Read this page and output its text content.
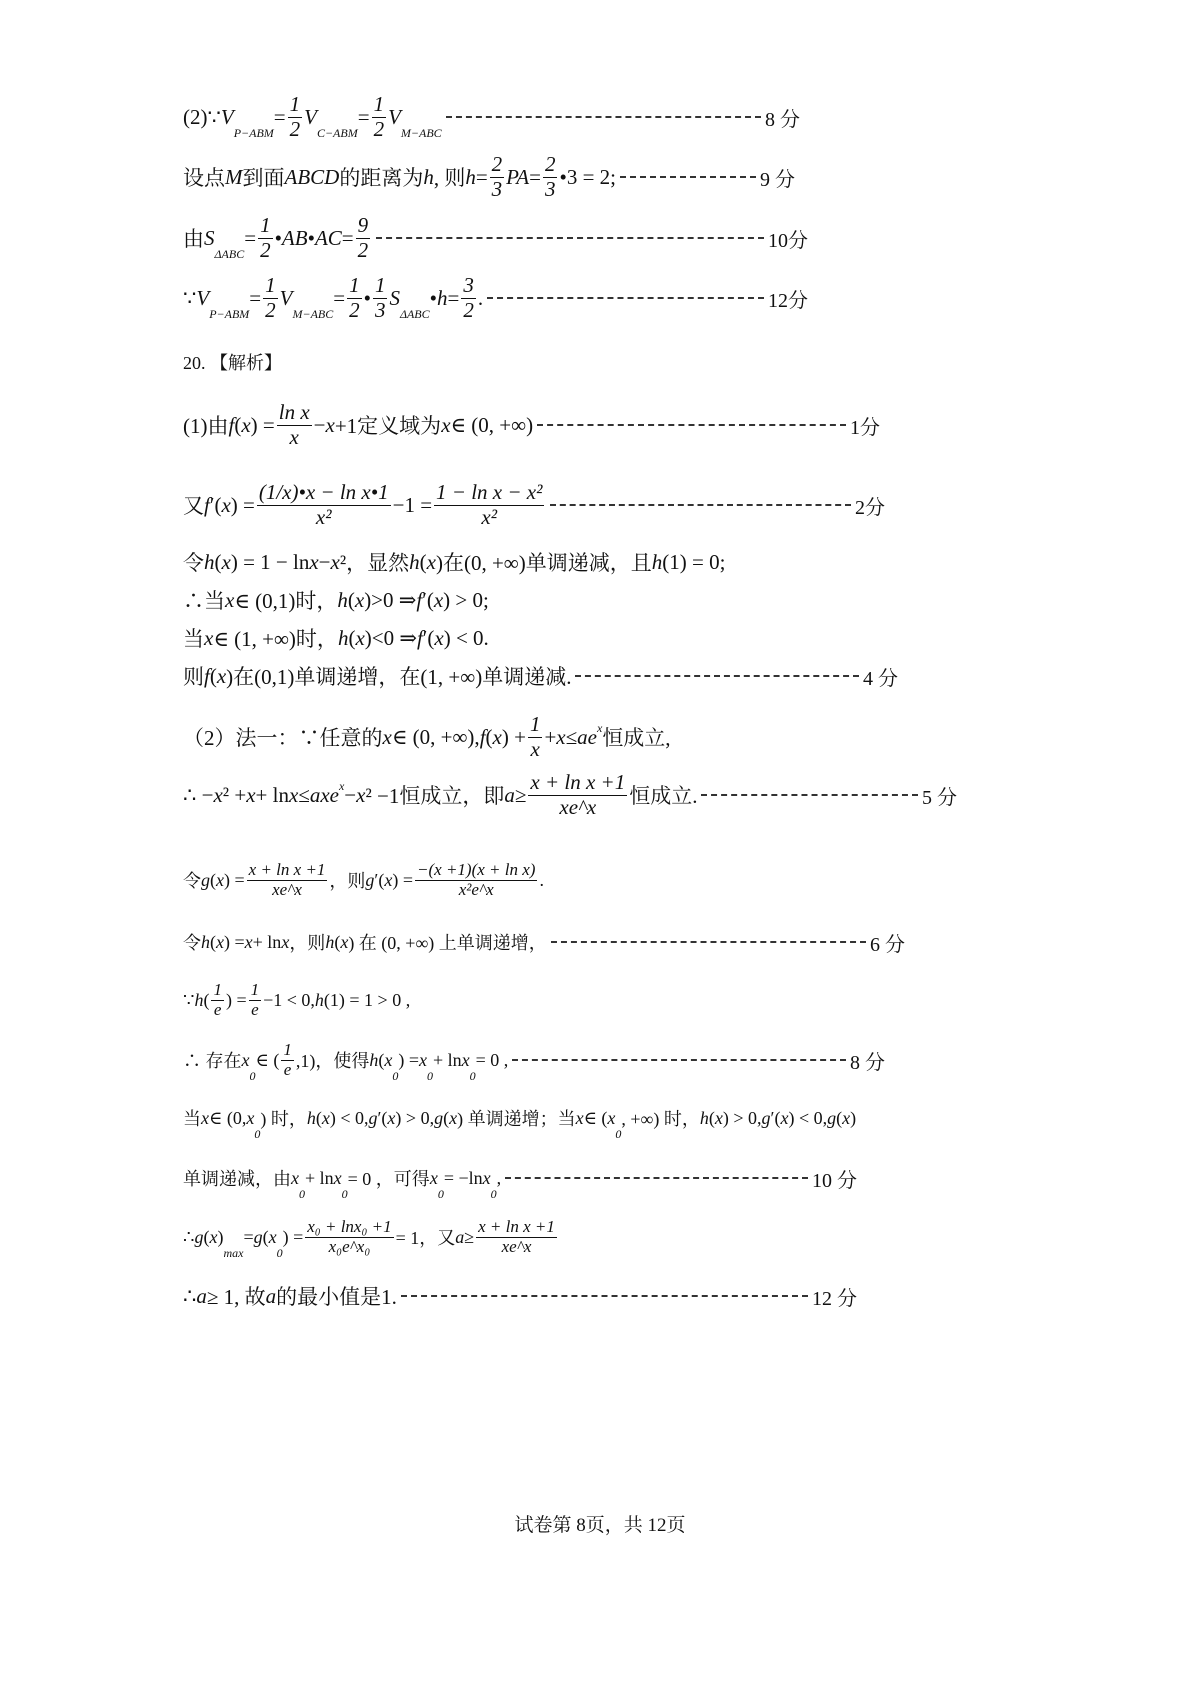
(2)∵ V
P−ABM
= $\frac{1}{2}$ V
C−ABM
= $\frac{1}{2}$ V
M−ABC
8 分
设点 M 到面 ABCD 的距离为 h , 则 $h = \frac{2}{3}$ PA = $\frac{2}{3}$ •3 = 2;	9 分
由 S
ΔABC
= $\frac{1}{2}$ • AB • AC = $\frac{9}{2}$	10分
∵ V
P−ABM
= $\frac{1}{2}$ V
M−ABC
= $\frac{1}{2}$ • $\frac{1}{3}$ S
ΔABC
• $h = \frac{3}{2}$ .	12分
20. 【解析】
(1)由 f ( x ) = $\frac{\text{ln x}}{x} - x +1$定义域为 x ∈ (0, +∞)	1分
又 f ′( x ) = $\frac{\text{(1/x)•x − ln x•1}}{\text{x²}} -1 = \frac{\text{1 − ln x − x²}}{\text{x²}}$	2分
令 h ( x ) = 1 − ln x − x ²，显然 h ( x )在(0, +∞)单调递减，且 h (1) = 0;
∴当 x ∈ (0,1)时， h ( x )>0 ⇒ f ′( x ) > 0;
当 x ∈ (1, +∞)时， h ( x )<0 ⇒ f ′( x ) < 0.
则 f ( x )在(0,1)单调递增，在(1, +∞)单调递减.	4 分
（2）法一：∵任意的 x ∈ (0, +∞), f ( x ) + $\frac{1}{x} + x$ ≤ ae x 恒成立,
∴ − x ² + x + ln x ≤ axe x − x ² −1恒成立，即 $a \ge \frac{\text{x + ln x +1}}{xe\^{}x}$ 恒成立.	5 分
令 g ( x ) = $\frac{\text{x + ln x +1}}{xe\^{}x}$ ，则 g ′( x ) = $\frac{\text{−(x +1)(x + ln x)}}{\text{x²e\textasciicircum{}x}}$ .
令 h ( x ) = x + ln x ，则 h ( x ) 在 (0, +∞) 上单调递增，	6 分
∵ h ( $\frac{1}{e}$ ) = $\frac{1}{e} -1 < 0$, h (1) = 1 > 0 ,
∴ 存在 x
0
∈ ( $\frac{1}{e} ,1$)，使得 h ( x
0
) = x
0
+ ln x
0
= 0 ,	8 分
当 x ∈ (0, x
0
) 时， h ( x ) < 0, g ′( x ) > 0, g ( x ) 单调递增；当 x ∈ ( x
0
, +∞) 时， h ( x ) > 0, g ′( x ) < 0, g ( x )
单调递减，由 x
0
+ ln x
0
= 0 ，可得 x
0
= −ln x
0
,	10 分
∴ g ( x )
max
= g ( x
0
) = $\frac{\text{x₀ + lnx₀ +1}}{\text{x₀e\textasciicircum{}x₀}} = 1$，又 $a \ge \frac{\text{x + ln x +1}}{xe\^{}x}$
∴ a ≥ 1, 故 a 的最小值是1.	12 分
试卷第 8页，共 12页
